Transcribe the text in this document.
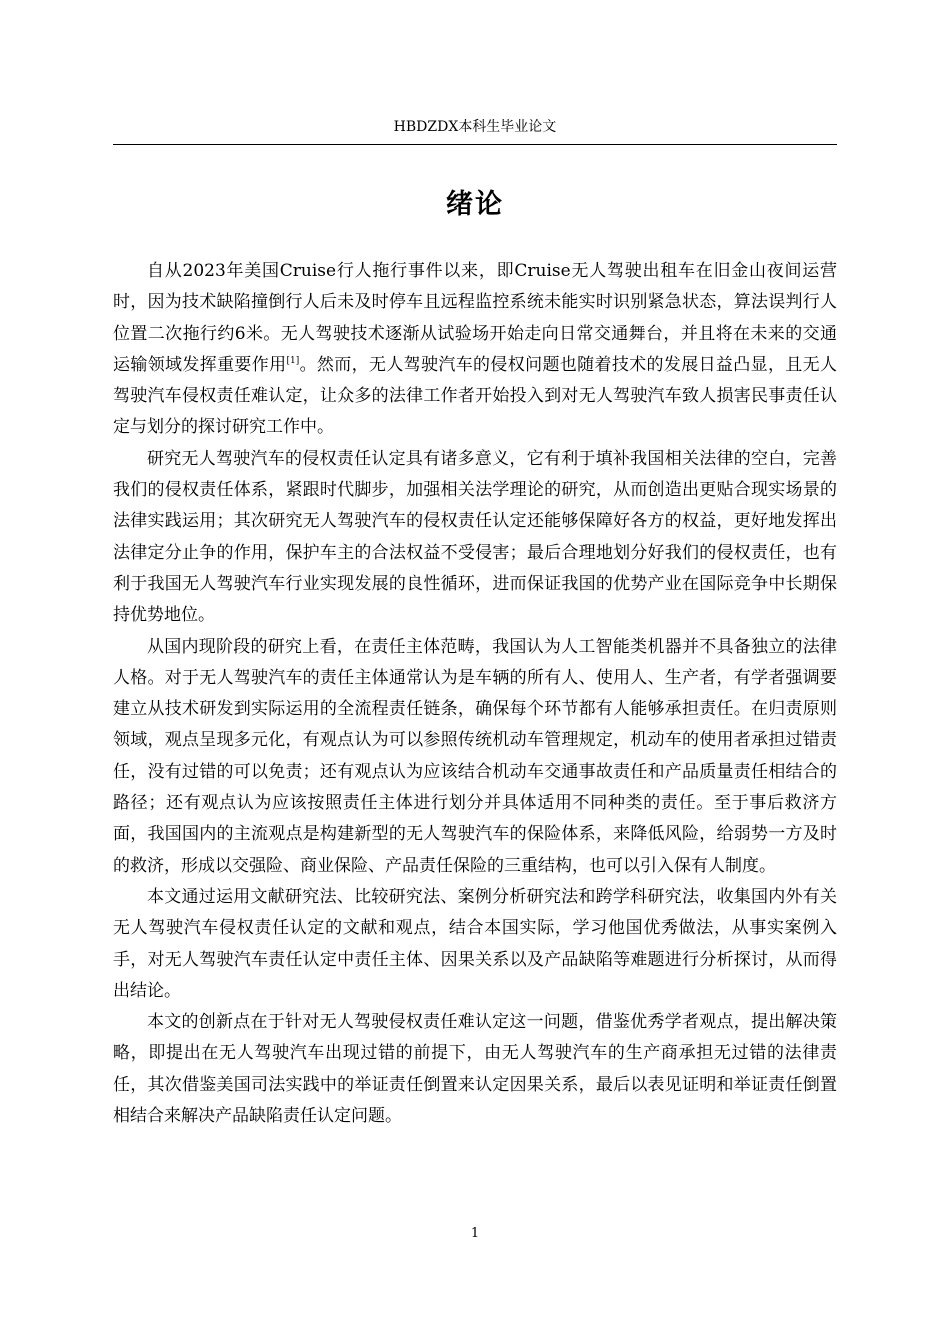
HBDZDX本科生毕业论文
绪论

自从2023年美国Cruise行人拖行事件以来，即Cruise无人驾驶出租车在旧金山夜间运营时，因为技术缺陷撞倒行人后未及时停车且远程监控系统未能实时识别紧急状态，算法误判行人位置二次拖行约6米。无人驾驶技术逐渐从试验场开始走向日常交通舞台，并且将在未来的交通运输领域发挥重要作用[1]。然而，无人驾驶汽车的侵权问题也随着技术的发展日益凸显，且无人驾驶汽车侵权责任难认定，让众多的法律工作者开始投入到对无人驾驶汽车致人损害民事责任认定与划分的探讨研究工作中。

研究无人驾驶汽车的侵权责任认定具有诸多意义，它有利于填补我国相关法律的空白，完善我们的侵权责任体系，紧跟时代脚步，加强相关法学理论的研究，从而创造出更贴合现实场景的法律实践运用；其次研究无人驾驶汽车的侵权责任认定还能够保障好各方的权益，更好地发挥出法律定分止争的作用，保护车主的合法权益不受侵害；最后合理地划分好我们的侵权责任，也有利于我国无人驾驶汽车行业实现发展的良性循环，进而保证我国的优势产业在国际竞争中长期保持优势地位。

从国内现阶段的研究上看，在责任主体范畴，我国认为人工智能类机器并不具备独立的法律人格。对于无人驾驶汽车的责任主体通常认为是车辆的所有人、使用人、生产者，有学者强调要建立从技术研发到实际运用的全流程责任链条，确保每个环节都有人能够承担责任。在归责原则领域，观点呈现多元化，有观点认为可以参照传统机动车管理规定，机动车的使用者承担过错责任，没有过错的可以免责；还有观点认为应该结合机动车交通事故责任和产品质量责任相结合的路径；还有观点认为应该按照责任主体进行划分并具体适用不同种类的责任。至于事后救济方面，我国国内的主流观点是构建新型的无人驾驶汽车的保险体系，来降低风险，给弱势一方及时的救济，形成以交强险、商业保险、产品责任保险的三重结构，也可以引入保有人制度。

本文通过运用文献研究法、比较研究法、案例分析研究法和跨学科研究法，收集国内外有关无人驾驶汽车侵权责任认定的文献和观点，结合本国实际，学习他国优秀做法，从事实案例入手，对无人驾驶汽车责任认定中责任主体、因果关系以及产品缺陷等难题进行分析探讨，从而得出结论。

本文的创新点在于针对无人驾驶侵权责任难认定这一问题，借鉴优秀学者观点，提出解决策略，即提出在无人驾驶汽车出现过错的前提下，由无人驾驶汽车的生产商承担无过错的法律责任，其次借鉴美国司法实践中的举证责任倒置来认定因果关系，最后以表见证明和举证责任倒置相结合来解决产品缺陷责任认定问题。

1
